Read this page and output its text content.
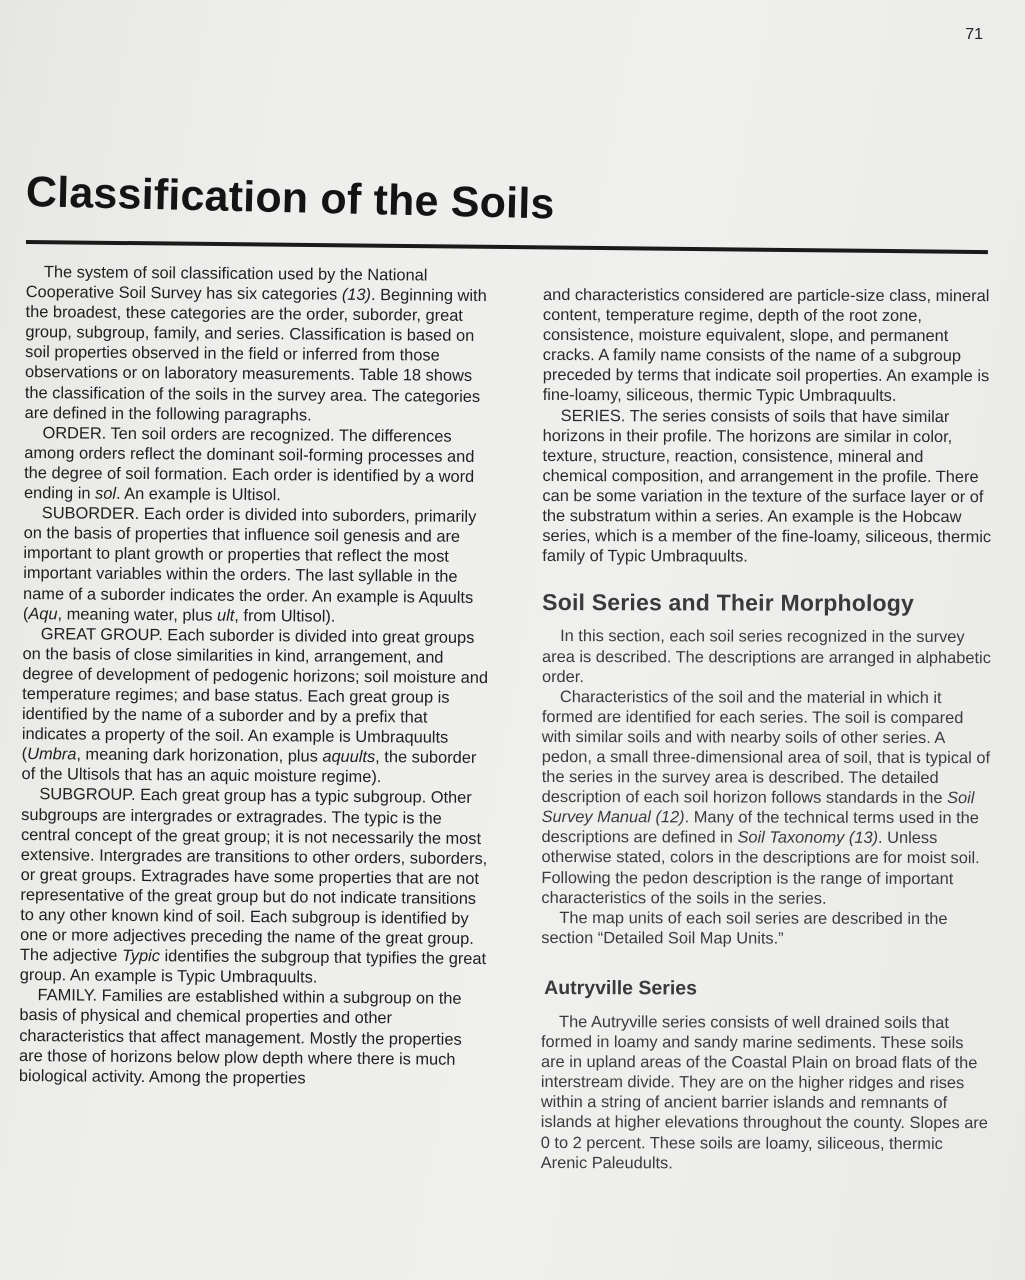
71
Classification of the Soils

The system of soil classification used by the National Cooperative Soil Survey has six categories (13). Beginning with the broadest, these categories are the order, suborder, great group, subgroup, family, and series. Classification is based on soil properties observed in the field or inferred from those observations or on laboratory measurements. Table 18 shows the classification of the soils in the survey area. The categories are defined in the following paragraphs.

ORDER. Ten soil orders are recognized. The differences among orders reflect the dominant soil-forming processes and the degree of soil formation. Each order is identified by a word ending in sol. An example is Ultisol.

SUBORDER. Each order is divided into suborders, primarily on the basis of properties that influence soil genesis and are important to plant growth or properties that reflect the most important variables within the orders. The last syllable in the name of a suborder indicates the order. An example is Aquults (Aqu, meaning water, plus ult, from Ultisol).

GREAT GROUP. Each suborder is divided into great groups on the basis of close similarities in kind, arrangement, and degree of development of pedogenic horizons; soil moisture and temperature regimes; and base status. Each great group is identified by the name of a suborder and by a prefix that indicates a property of the soil. An example is Umbraquults (Umbra, meaning dark horizonation, plus aquults, the suborder of the Ultisols that has an aquic moisture regime).

SUBGROUP. Each great group has a typic subgroup. Other subgroups are intergrades or extragrades. The typic is the central concept of the great group; it is not necessarily the most extensive. Intergrades are transitions to other orders, suborders, or great groups. Extragrades have some properties that are not representative of the great group but do not indicate transitions to any other known kind of soil. Each subgroup is identified by one or more adjectives preceding the name of the great group. The adjective Typic identifies the subgroup that typifies the great group. An example is Typic Umbraquults.

FAMILY. Families are established within a subgroup on the basis of physical and chemical properties and other characteristics that affect management. Mostly the properties are those of horizons below plow depth where there is much biological activity. Among the properties

and characteristics considered are particle-size class, mineral content, temperature regime, depth of the root zone, consistence, moisture equivalent, slope, and permanent cracks. A family name consists of the name of a subgroup preceded by terms that indicate soil properties. An example is fine-loamy, siliceous, thermic Typic Umbraquults.

SERIES. The series consists of soils that have similar horizons in their profile. The horizons are similar in color, texture, structure, reaction, consistence, mineral and chemical composition, and arrangement in the profile. There can be some variation in the texture of the surface layer or of the substratum within a series. An example is the Hobcaw series, which is a member of the fine-loamy, siliceous, thermic family of Typic Umbraquults.

Soil Series and Their Morphology

In this section, each soil series recognized in the survey area is described. The descriptions are arranged in alphabetic order.

Characteristics of the soil and the material in which it formed are identified for each series. The soil is compared with similar soils and with nearby soils of other series. A pedon, a small three-dimensional area of soil, that is typical of the series in the survey area is described. The detailed description of each soil horizon follows standards in the Soil Survey Manual (12). Many of the technical terms used in the descriptions are defined in Soil Taxonomy (13). Unless otherwise stated, colors in the descriptions are for moist soil. Following the pedon description is the range of important characteristics of the soils in the series.

The map units of each soil series are described in the section “Detailed Soil Map Units.”

Autryville Series

The Autryville series consists of well drained soils that formed in loamy and sandy marine sediments. These soils are in upland areas of the Coastal Plain on broad flats of the interstream divide. They are on the higher ridges and rises within a string of ancient barrier islands and remnants of islands at higher elevations throughout the county. Slopes are 0 to 2 percent. These soils are loamy, siliceous, thermic Arenic Paleudults.
